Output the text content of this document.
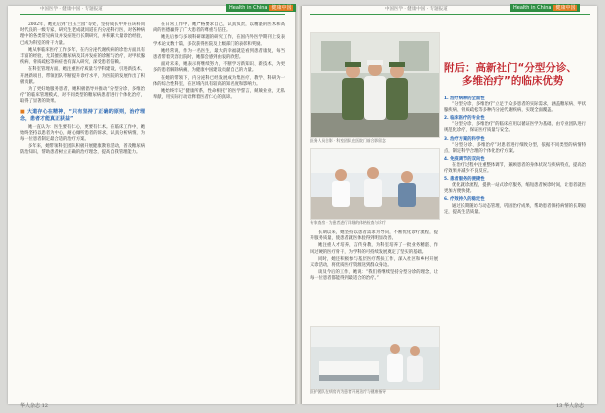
中国医学 · 健康中国 · 专题报道

2002年，她先后到“白玉兰园”等处，坚持成长中并在该科同时代良的一级专家，研究生老成就同道在内分泌科行医，对各种病理中的各类常见病及并发症进行长期研究，并积累大量诊治经验，已成为科室的骨干力量。

她从事临床医疗工作多年，在内分泌代谢疾病的诊治方面具有丰富的经验，尤其擅长糖尿病及其并发症的诊断与治疗，对甲状腺疾病、骨质疏松等病症也有深入研究，深受患者信赖。

在科室管理方面，她注重医疗质量与学科建设，引进新技术、开展新项目，带领团队不断提升诊疗水平，为医院的发展作出了积极贡献。

为了更好地服务患者，她积极倡导并推动“分型分诊、多维治疗”的临床管理模式，对不同类型的糖尿病患者进行个体化治疗，取得了显著的效果。

■ 大道存心在精神，“只有坚持了正确的原则，治疗理念，患者才能真正获益”

她一直认为：医生要有仁心，更要有仁术。在临床工作中，她始终坚持以患者为中心，耐心倾听患者的诉求，认真分析病情，为每一位患者制定最合适的治疗方案。

多年来，她带领科室团队积极开展健康教育活动，普及糖尿病防治知识，帮助患者树立正确的治疗理念，提高自我管理能力。

在日常工作中，她严格要求自己，认真负责，以精湛的医术和高尚的医德赢得了广大患者的尊重与信任。

她先后参与多项科研课题的研究工作，在国内外医学期刊上发表学术论文数十篇，多次获得医院及上级部门的表彰和奖励。

她经常说，作为一名医生，最大的幸福就是看到患者康复，每当患者带着笑容出院时，她都会感到由衷的欣慰。

面对未来，她表示将继续努力，不断学习新知识、新技术，为更多的患者解除病痛，为健康中国建设贡献自己的力量。

在她的带领下，内分泌科已经发展成为集医疗、教学、科研为一体的综合性科室，在区域内具有较高的知名度和影响力。

她始终牢记“健康所系，性命相托”的医学誓言，兢兢业业，无私奉献，用实际行动诠释着医者仁心的真谛。

华人杂志 12
中国医学 · 健康中国 · 专题报道	Health in China 健康中国
医务人员合影 · 科室团队在医院门前合影留念
专家查房 · 为患者进行详细的体格检查与诊疗

长期以来，她坚持以患者需求为导向，不断优化诊疗流程，提升服务质量，使患者就医体验得到明显改善。

她注重人才培养，言传身教，为科室培养了一批业务精湛、作风过硬的医疗骨干，为学科的可持续发展奠定了坚实的基础。

同时，她还积极参与基层医疗帮扶工作，深入社区和乡村开展义诊活动，将优质医疗资源送到群众身边。

谈及今后的工作，她说：“我们将继续坚持分型分诊的理念，让每一位患者都能得到最适合的治疗。”

医护团队在病房内为患者开展治疗与健康指导
附后：高新社门“分型分诊、
多维治疗”的临床优势
1. 治疗病种的全面性
“分型分诊、多维治疗”立足于众多患者的实际需求，涵盖糖尿病、甲状腺疾病、骨质疏松等多种内分泌代谢疾病，实现全面覆盖。
2. 临床医疗的专业性
“分型分诊、多维治疗”的临床应用以循证医学为基础，由专业团队进行规范化诊疗，保证医疗质量与安全。
3. 治疗方案的科学性
“分型分诊、多维治疗”对患者进行细致分型，依据不同类型的病情特点，制定科学合理的个体化治疗方案。
4. 免疫调节的双向性
在治疗过程中注重整体调节，兼顾患者的身体状况与疾病特点，提高治疗效果并减少不良反应。
5. 患者服务的便捷性
优化就诊流程，提供一站式诊疗服务，缩短患者候诊时间，让患者就医更加方便快捷。
6. 疗效持久的稳定性
通过长期随访与动态管理，巩固治疗成果，帮助患者保持病情的长期稳定，提高生活质量。
13 华人杂志
Health in China 健康中国
